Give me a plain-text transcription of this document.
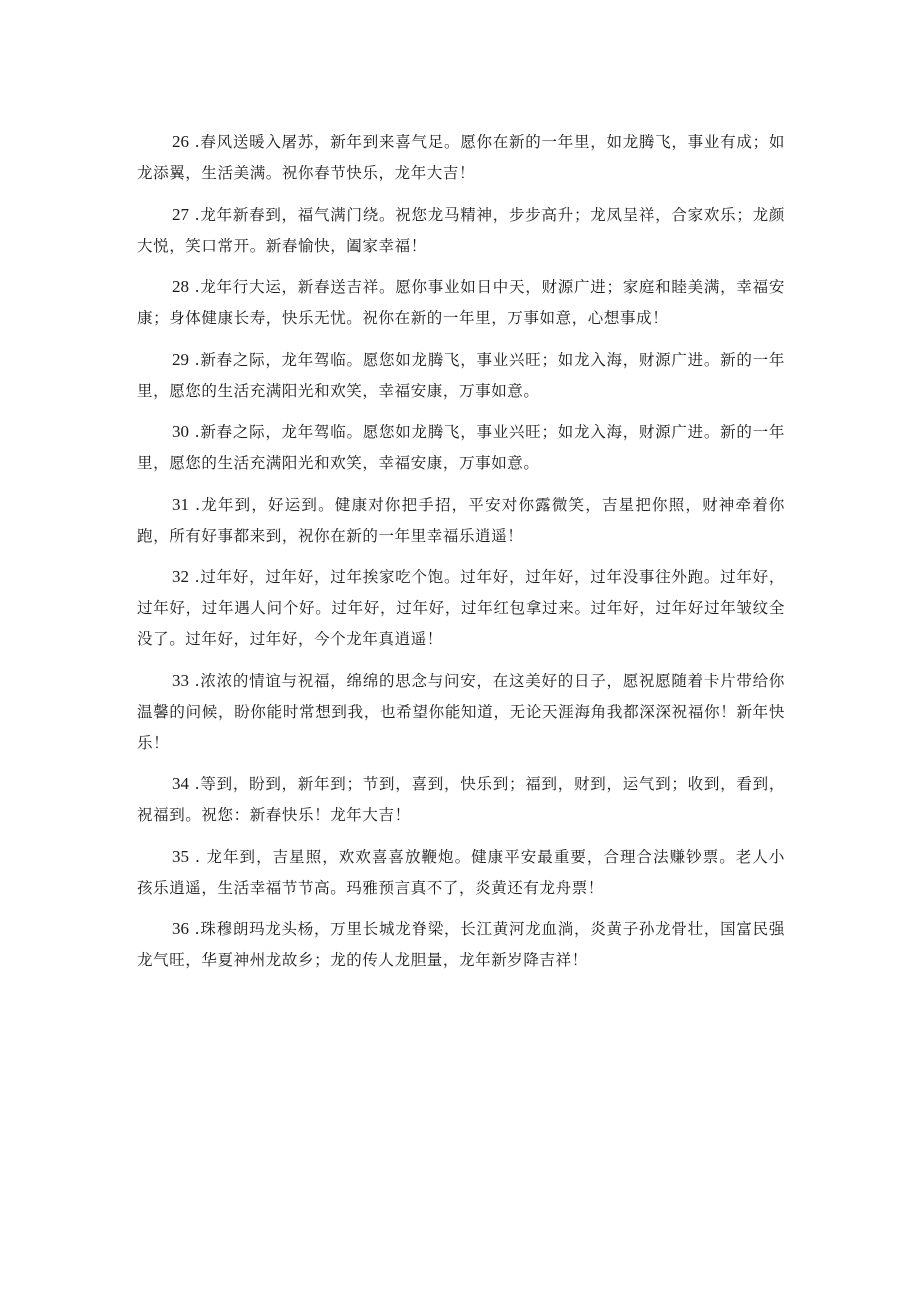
26 .春风送暖入屠苏，新年到来喜气足。愿你在新的一年里，如龙腾飞，事业有成；如龙添翼，生活美满。祝你春节快乐，龙年大吉！

27 .龙年新春到，福气满门绕。祝您龙马精神，步步高升；龙凤呈祥，合家欢乐；龙颜大悦，笑口常开。新春愉快，阖家幸福！

28 .龙年行大运，新春送吉祥。愿你事业如日中天，财源广进；家庭和睦美满，幸福安康；身体健康长寿，快乐无忧。祝你在新的一年里，万事如意，心想事成！

29 .新春之际，龙年驾临。愿您如龙腾飞，事业兴旺；如龙入海，财源广进。新的一年里，愿您的生活充满阳光和欢笑，幸福安康，万事如意。

30 .新春之际，龙年驾临。愿您如龙腾飞，事业兴旺；如龙入海，财源广进。新的一年里，愿您的生活充满阳光和欢笑，幸福安康，万事如意。

31 .龙年到，好运到。健康对你把手招，平安对你露微笑，吉星把你照，财神牵着你跑，所有好事都来到，祝你在新的一年里幸福乐逍遥！

32 .过年好，过年好，过年挨家吃个饱。过年好，过年好，过年没事往外跑。过年好，过年好，过年遇人问个好。过年好，过年好，过年红包拿过来。过年好，过年好过年皱纹全没了。过年好，过年好，今个龙年真逍遥！

33 .浓浓的情谊与祝福，绵绵的思念与问安，在这美好的日子，愿祝愿随着卡片带给你温馨的问候，盼你能时常想到我，也希望你能知道，无论天涯海角我都深深祝福你！新年快乐！

34 .等到，盼到，新年到；节到，喜到，快乐到；福到，财到，运气到；收到，看到，祝福到。祝您：新春快乐！龙年大吉！

35 . 龙年到，吉星照，欢欢喜喜放鞭炮。健康平安最重要，合理合法赚钞票。老人小孩乐逍遥，生活幸福节节高。玛雅预言真不了，炎黄还有龙舟票！

36 .珠穆朗玛龙头杨，万里长城龙脊梁，长江黄河龙血淌，炎黄子孙龙骨壮，国富民强龙气旺，华夏神州龙故乡；龙的传人龙胆量，龙年新岁降吉祥！
